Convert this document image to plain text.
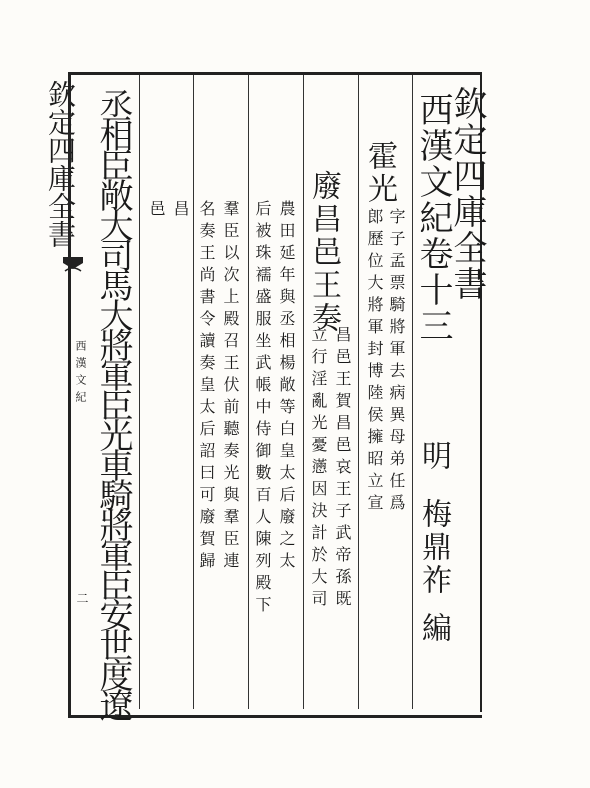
欽定四庫全書
西漢文紀
二
欽定四庫全書
西漢文紀卷十三
明
梅鼎祚
編
霍光
字子孟票騎將軍去病異母弟任爲
郎歷位大將軍封博陸侯擁昭立宣
廢昌邑王奏
昌邑王賀昌邑哀王子武帝孫既
立行淫亂光憂懣因決計於大司
農田延年與丞相楊敞等白皇太后廢之太
后被珠襦盛服坐武帳中侍御數百人陳列殿下
羣臣以次上殿召王伏前聽奏光與羣臣連
名奏王尚書令讀奏皇太后詔曰可廢賀歸
昌
邑
丞相臣敞大司馬大將軍臣光車騎將軍臣安世度遼
